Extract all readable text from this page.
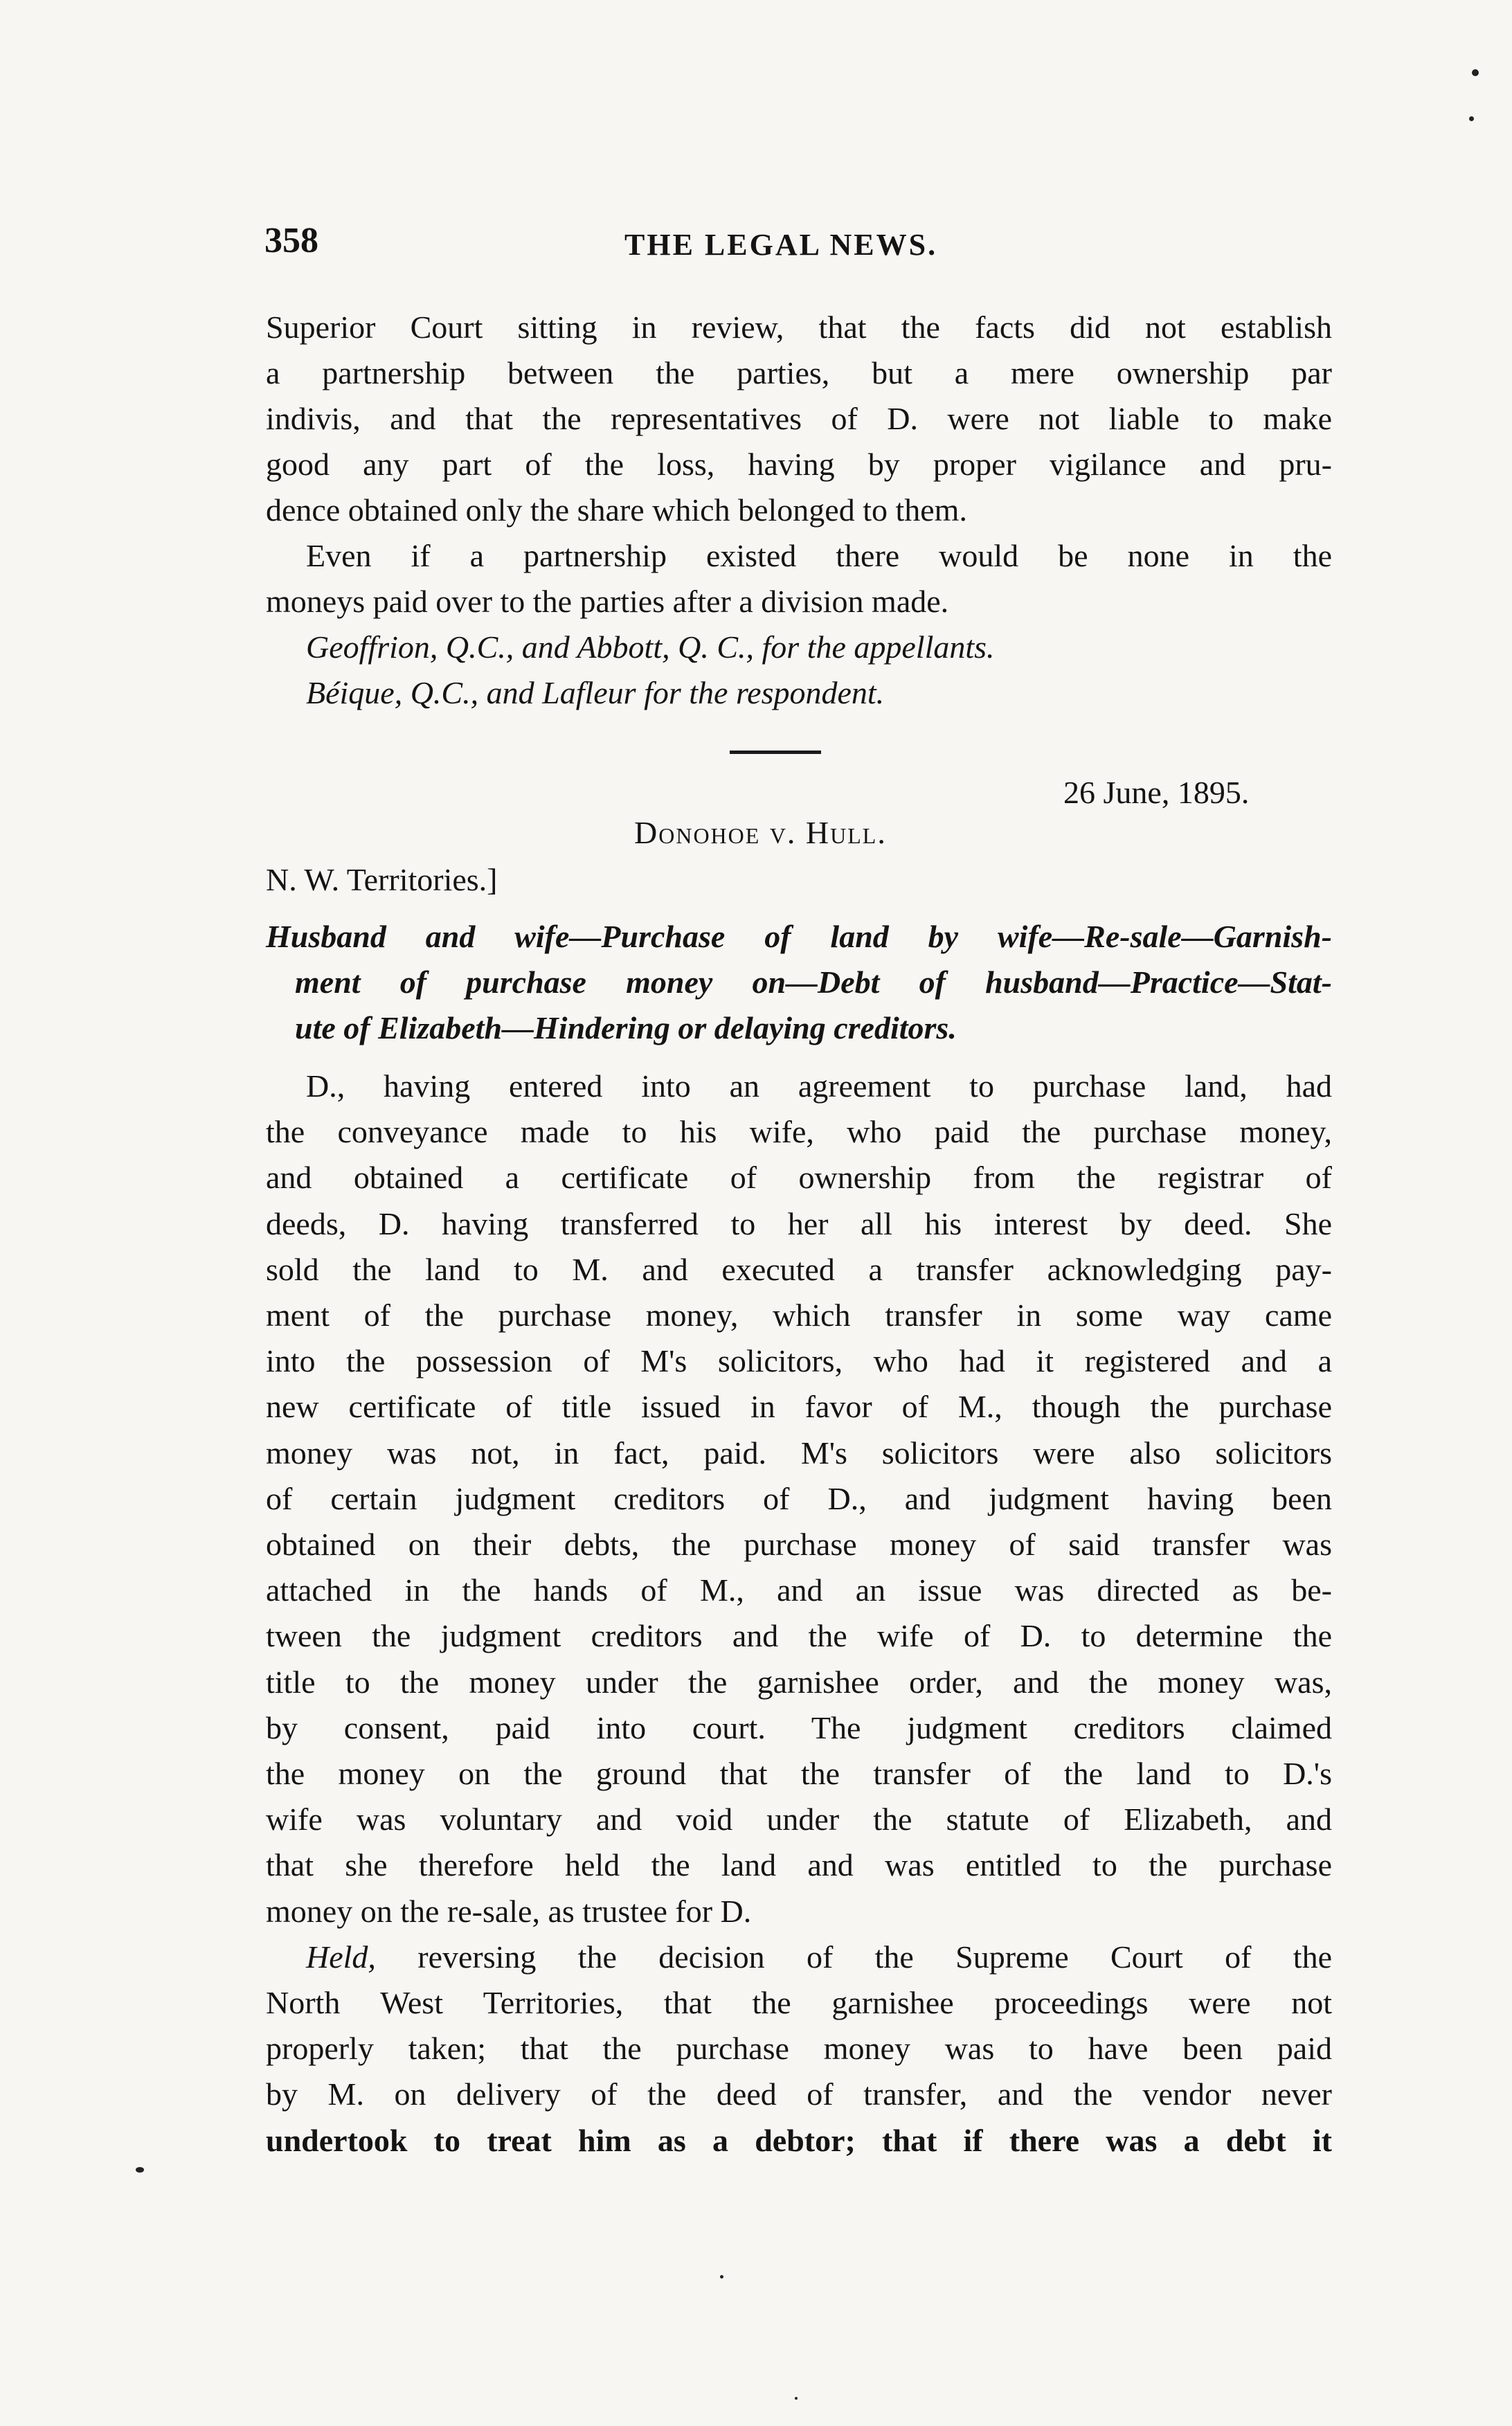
358	THE LEGAL NEWS.
Superior Court sitting in review, that the facts did not establish
a partnership between the parties, but a mere ownership par
indivis, and that the representatives of D. were not liable to make
good any part of the loss, having by proper vigilance and pru-
dence obtained only the share which belonged to them.
Even if a partnership existed there would be none in the
moneys paid over to the parties after a division made.
Geoffrion, Q.C., and Abbott, Q. C., for the appellants.
Béique, Q.C., and Lafleur for the respondent.
26 June, 1895.
Donohoe v. Hull.
N. W. Territories.]
Husband and wife—Purchase of land by wife—Re-sale—Garnish-
ment of purchase money on—Debt of husband—Practice—Stat-
ute of Elizabeth—Hindering or delaying creditors.
D., having entered into an agreement to purchase land, had
the conveyance made to his wife, who paid the purchase money,
and obtained a certificate of ownership from the registrar of
deeds, D. having transferred to her all his interest by deed. She
sold the land to M. and executed a transfer acknowledging pay-
ment of the purchase money, which transfer in some way came
into the possession of M's solicitors, who had it registered and a
new certificate of title issued in favor of M., though the purchase
money was not, in fact, paid. M's solicitors were also solicitors
of certain judgment creditors of D., and judgment having been
obtained on their debts, the purchase money of said transfer was
attached in the hands of M., and an issue was directed as be-
tween the judgment creditors and the wife of D. to determine the
title to the money under the garnishee order, and the money was,
by consent, paid into court. The judgment creditors claimed
the money on the ground that the transfer of the land to D.'s
wife was voluntary and void under the statute of Elizabeth, and
that she therefore held the land and was entitled to the purchase
money on the re-sale, as trustee for D.
Held, reversing the decision of the Supreme Court of the
North West Territories, that the garnishee proceedings were not
properly taken; that the purchase money was to have been paid
by M. on delivery of the deed of transfer, and the vendor never
undertook to treat him as a debtor; that if there was a debt it
